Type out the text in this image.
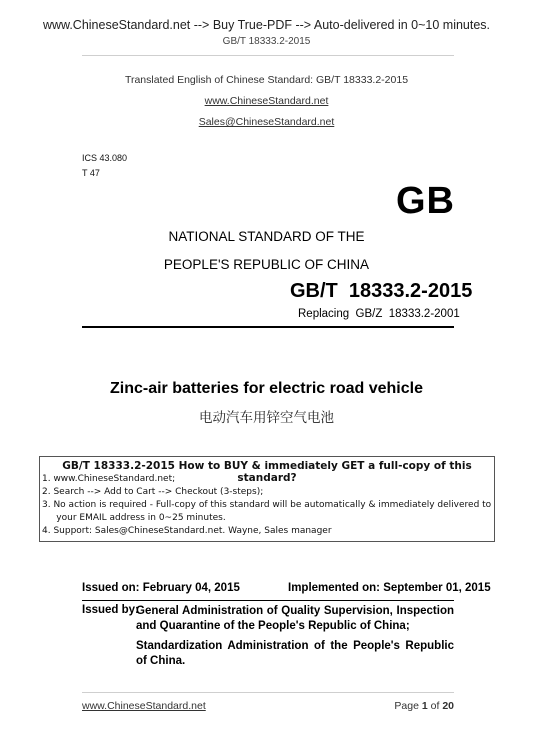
www.ChineseStandard.net --> Buy True-PDF --> Auto-delivered in 0~10 minutes.
GB/T 18333.2-2015
Translated English of Chinese Standard: GB/T 18333.2-2015
www.ChineseStandard.net
Sales@ChineseStandard.net
ICS 43.080
T 47
GB
NATIONAL STANDARD OF THE
PEOPLE'S REPUBLIC OF CHINA
GB/T  18333.2-2015
Replacing  GB/Z  18333.2-2001
Zinc-air batteries for electric road vehicle
电动汽车用锌空气电池
GB/T 18333.2-2015 How to BUY & immediately GET a full-copy of this standard?
1. www.ChineseStandard.net;
2. Search --> Add to Cart --> Checkout (3-steps);
3. No action is required - Full-copy of this standard will be automatically & immediately delivered to
your EMAIL address in 0~25 minutes.
4. Support: Sales@ChineseStandard.net. Wayne, Sales manager
Issued on: February 04, 2015	Implemented on: September 01, 2015
Issued by:
General Administration of Quality Supervision, Inspection and Quarantine of the People's Republic of China;
Standardization Administration of the People's Republic of China.
www.ChineseStandard.net	Page 1 of 20
